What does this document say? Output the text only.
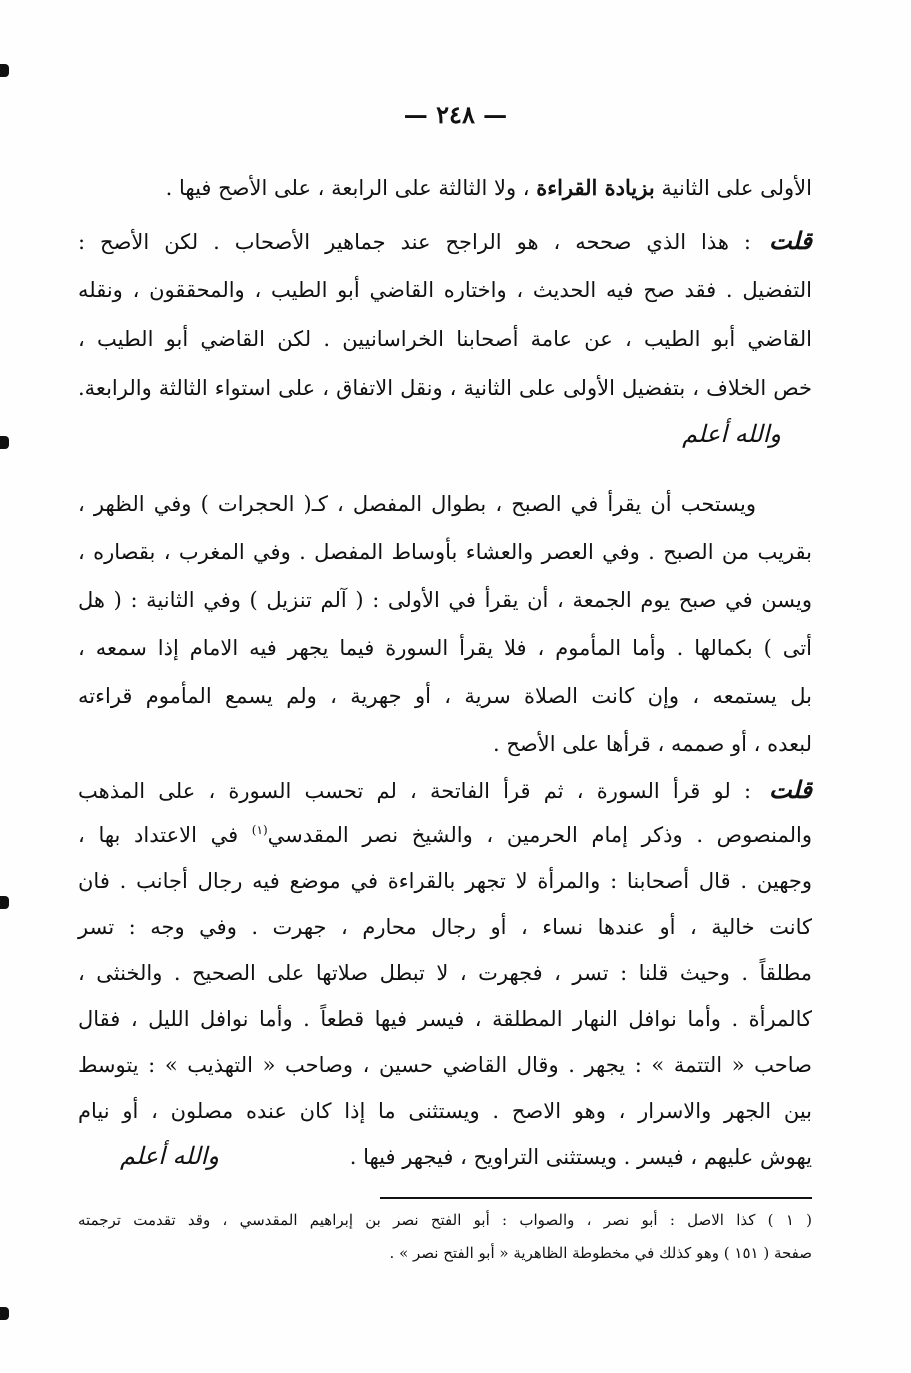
— ٢٤٨ —
الأولى على الثانية بزيادة القراءة ، ولا الثالثة على الرابعة ، على الأصح فيها .
قلت: هذا الذي صححه ، هو الراجح عند جماهير الأصحاب . لكن الأصح :
التفضيل . فقد صح فيه الحديث ، واختاره القاضي أبو الطيب ، والمحققون ، ونقله
القاضي أبو الطيب ، عن عامة أصحابنا الخراسانيين . لكن القاضي أبو الطيب ،
خص الخلاف ، بتفضيل الأولى على الثانية ، ونقل الاتفاق ، على استواء الثالثة والرابعة.
والله أعلم
ويستحب أن يقرأ في الصبح ، بطوال المفصل ، كـ( الحجرات ) وفي الظهر ،
بقريب من الصبح . وفي العصر والعشاء بأوساط المفصل . وفي المغرب ، بقصاره ،
ويسن في صبح يوم الجمعة ، أن يقرأ في الأولى : ( آلم تنزيل ) وفي الثانية : ( هل
أتى ) بكمالها . وأما المأموم ، فلا يقرأ السورة فيما يجهر فيه الامام إذا سمعه ،
بل يستمعه ، وإن كانت الصلاة سرية ، أو جهرية ، ولم يسمع المأموم قراءته
لبعده ، أو صممه ، قرأها على الأصح .
قلت: لو قرأ السورة ، ثم قرأ الفاتحة ، لم تحسب السورة ، على المذهب
والمنصوص . وذكر إمام الحرمين ، والشيخ نصر المقدسي$^{(١)}$ في الاعتداد بها ،
وجهين . قال أصحابنا : والمرأة لا تجهر بالقراءة في موضع فيه رجال أجانب . فان
كانت خالية ، أو عندها نساء ، أو رجال محارم ، جهرت . وفي وجه : تسر
مطلقاً . وحيث قلنا : تسر ، فجهرت ، لا تبطل صلاتها على الصحيح . والخنثى ،
كالمرأة . وأما نوافل النهار المطلقة ، فيسر فيها قطعاً . وأما نوافل الليل ، فقال
صاحب « التتمة » : يجهر . وقال القاضي حسين ، وصاحب « التهذيب » : يتوسط
بين الجهر والاسرار ، وهو الاصح . ويستثنى ما إذا كان عنده مصلون ، أو نيام
يهوش عليهم ، فيسر . ويستثنى التراويح ، فيجهر فيها .
والله أعلم
( ١ ) كذا الاصل : أبو نصر ، والصواب : أبو الفتح نصر بن إبراهيم المقدسي ، وقد تقدمت ترجمته
صفحة ( ١٥١ ) وهو كذلك في مخطوطة الظاهرية « أبو الفتح نصر » .
